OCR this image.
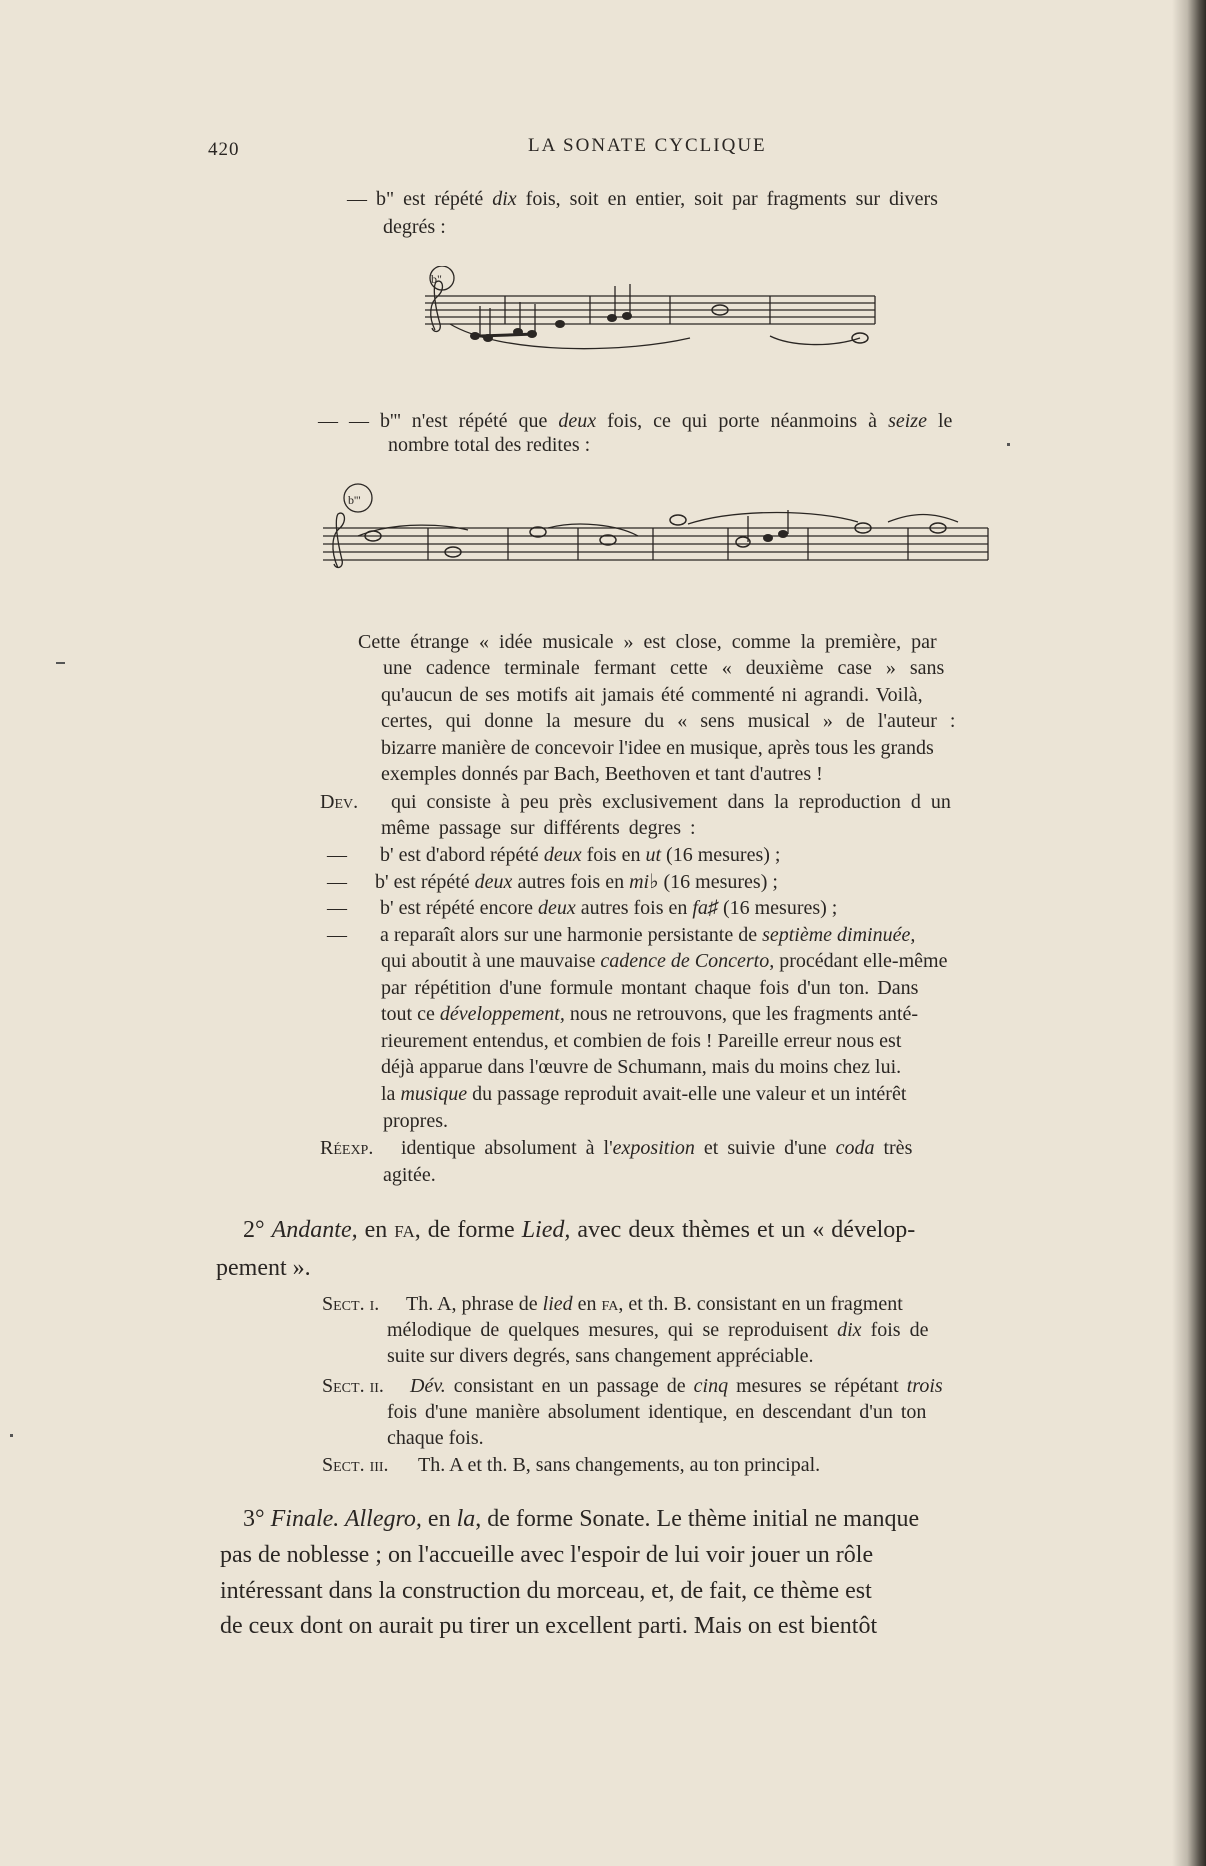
420	LA SONATE CYCLIQUE
— b" est répété dix fois, soit en entier, soit par fragments sur divers
degrés :
b"
— — b''' n'est répété que deux fois, ce qui porte néanmoins à seize le
nombre total des redites :
b'''
Cette étrange « idée musicale » est close, comme la première, par
une cadence terminale fermant cette « deuxième case » sans
qu'aucun de ses motifs ait jamais été commenté ni agrandi. Voilà,
certes, qui donne la mesure du « sens musical » de l'auteur :
bizarre manière de concevoir l'idee en musique, après tous les grands
exemples donnés par Bach, Beethoven et tant d'autres !
Dev. qui consiste à peu près exclusivement dans la reproduction d un
même passage sur différents degres :
— b' est d'abord répété deux fois en ut (16 mesures) ;
— b' est répété deux autres fois en mi♭ (16 mesures) ;
— b' est répété encore deux autres fois en fa♯ (16 mesures) ;
— a reparaît alors sur une harmonie persistante de septième diminuée,
qui aboutit à une mauvaise cadence de Concerto, procédant elle-même
par répétition d'une formule montant chaque fois d'un ton. Dans
tout ce développement, nous ne retrouvons, que les fragments anté-
rieurement entendus, et combien de fois ! Pareille erreur nous est
déjà apparue dans l'œuvre de Schumann, mais du moins chez lui.
la musique du passage reproduit avait-elle une valeur et un intérêt
propres.
Réexp. identique absolument à l'exposition et suivie d'une coda très
agitée.
2° Andante, en fa, de forme Lied, avec deux thèmes et un « dévelop-
pement ».
Sect. i. Th. A, phrase de lied en fa, et th. B. consistant en un fragment
mélodique de quelques mesures, qui se reproduisent dix fois de
suite sur divers degrés, sans changement appréciable.
Sect. ii. Dév. consistant en un passage de cinq mesures se répétant trois
fois d'une manière absolument identique, en descendant d'un ton
chaque fois.
Sect. iii. Th. A et th. B, sans changements, au ton principal.
3° Finale. Allegro, en la, de forme Sonate. Le thème initial ne manque
pas de noblesse ; on l'accueille avec l'espoir de lui voir jouer un rôle
intéressant dans la construction du morceau, et, de fait, ce thème est
de ceux dont on aurait pu tirer un excellent parti. Mais on est bientôt
